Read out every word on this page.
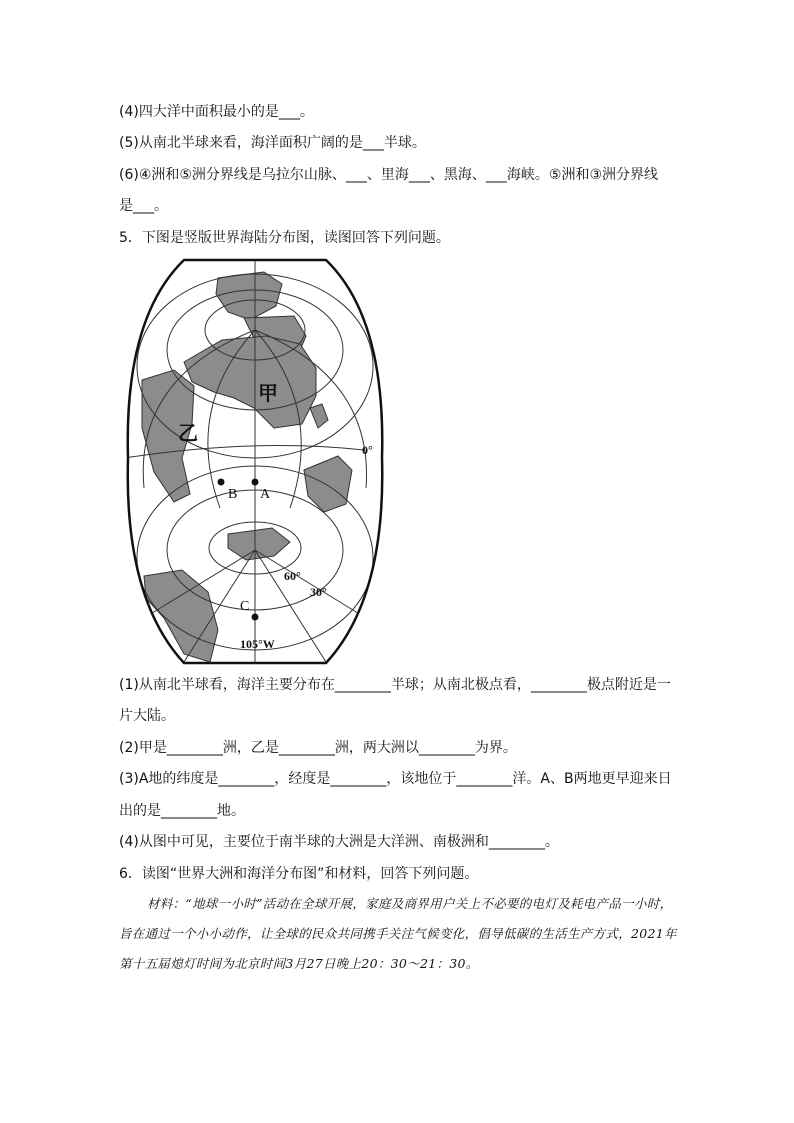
(4)四大洋中面积最小的是___。
(5)从南北半球来看，海洋面积广阔的是___半球。
(6)④洲和⑤洲分界线是乌拉尔山脉、___、里海___、黑海、___海峡。⑤洲和③洲分界线
是___。
5．下图是竖版世界海陆分布图，读图回答下列问题。
甲
乙
0°
A
B
C
60°
30°
105°W
(1)从南北半球看，海洋主要分布在________半球；从南北极点看，________极点附近是一
片大陆。
(2)甲是________洲，乙是________洲，两大洲以________为界。
(3)A地的纬度是________，经度是________，该地位于________洋。A、B两地更早迎来日
出的是________地。
(4)从图中可见，主要位于南半球的大洲是大洋洲、南极洲和________。
6．读图“世界大洲和海洋分布图”和材料，回答下列问题。
材料：“地球一小时”活动在全球开展，家庭及商界用户关上不必要的电灯及耗电产品一小时，旨在通过一个小小动作，让全球的民众共同携手关注气候变化，倡导低碳的生活生产方式，2021年第十五届熄灯时间为北京时间3月27日晚上20：30～21：30。
